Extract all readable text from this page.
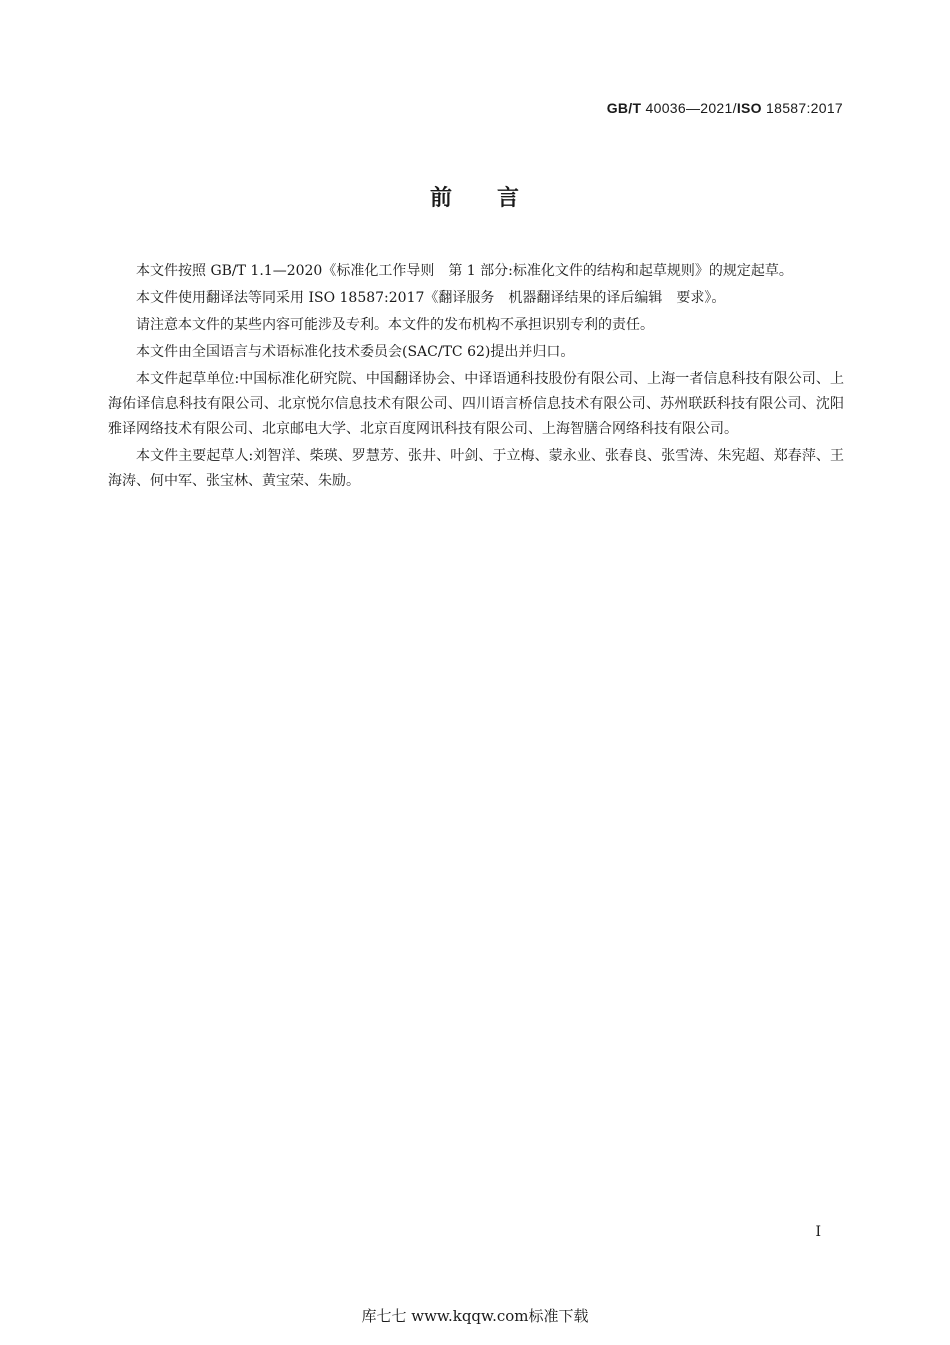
GB/T 40036—2021/ISO 18587:2017
前 言

本文件按照 GB/T 1.1—2020《标准化工作导则　第 1 部分:标准化文件的结构和起草规则》的规定起草。

本文件使用翻译法等同采用 ISO 18587:2017《翻译服务　机器翻译结果的译后编辑　要求》。

请注意本文件的某些内容可能涉及专利。本文件的发布机构不承担识别专利的责任。

本文件由全国语言与术语标准化技术委员会(SAC/TC 62)提出并归口。

本文件起草单位:中国标准化研究院、中国翻译协会、中译语通科技股份有限公司、上海一者信息科技有限公司、上海佑译信息科技有限公司、北京悦尔信息技术有限公司、四川语言桥信息技术有限公司、苏州联跃科技有限公司、沈阳雅译网络技术有限公司、北京邮电大学、北京百度网讯科技有限公司、上海智膳合网络科技有限公司。

本文件主要起草人:刘智洋、柴瑛、罗慧芳、张井、叶剑、于立梅、蒙永业、张春良、张雪涛、朱宪超、郑春萍、王海涛、何中军、张宝林、黄宝荣、朱励。

I
库七七 www.kqqw.com标准下载
